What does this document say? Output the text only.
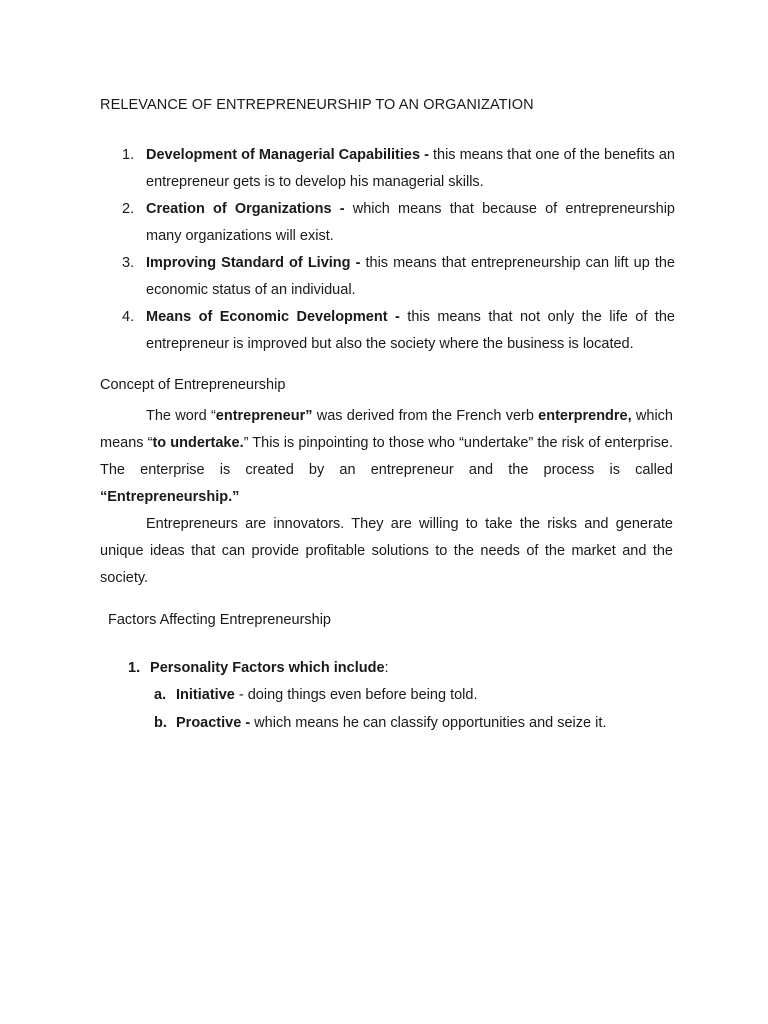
RELEVANCE OF ENTREPRENEURSHIP TO AN ORGANIZATION
1. Development of Managerial Capabilities - this means that one of the benefits an entrepreneur gets is to develop his managerial skills.
2. Creation of Organizations - which means that because of entrepreneurship many organizations will exist.
3. Improving Standard of Living - this means that entrepreneurship can lift up the economic status of an individual.
4. Means of Economic Development - this means that not only the life of the entrepreneur is improved but also the society where the business is located.
Concept of Entrepreneurship

The word “entrepreneur” was derived from the French verb enterprendre, which means “to undertake.” This is pinpointing to those who “undertake” the risk of enterprise. The enterprise is created by an entrepreneur and the process is called “Entrepreneurship.”

Entrepreneurs are innovators. They are willing to take the risks and generate unique ideas that can provide profitable solutions to the needs of the market and the society.

Factors Affecting Entrepreneurship
1. Personality Factors which include:
a. Initiative - doing things even before being told.
b. Proactive - which means he can classify opportunities and seize it.
